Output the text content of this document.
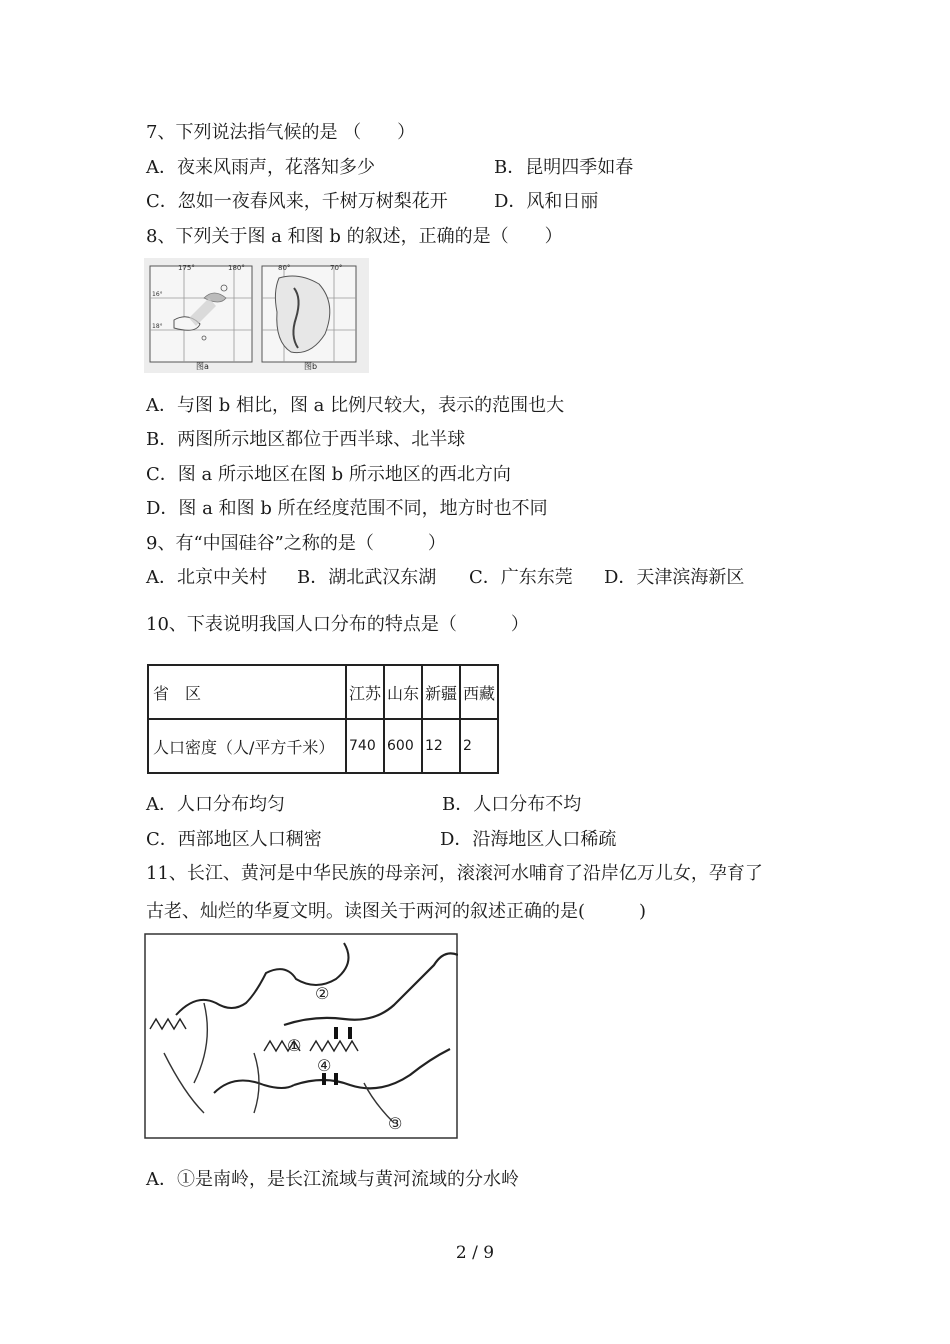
7、下列说法指气候的是 （　　）
A．夜来风雨声，花落知多少	B．昆明四季如春
C．忽如一夜春风来，千树万树梨花开	D．风和日丽
8、下列关于图 a 和图 b 的叙述，正确的是（　　）
175°	180°
16°
18°
图a
80°	70°
图b
A．与图 b 相比，图 a 比例尺较大，表示的范围也大
B．两图所示地区都位于西半球、北半球
C．图 a 所示地区在图 b 所示地区的西北方向
D．图 a 和图 b 所在经度范围不同，地方时也不同
9、有“中国硅谷”之称的是（　　　）
A．北京中关村 B．湖北武汉东湖 C．广东东莞 D．天津滨海新区
10、下表说明我国人口分布的特点是（　　　）
省　区	江苏	山东	新疆	西藏
人口密度（人/平方千米）	740	600	12	2
A．人口分布均匀	B．人口分布不均
C．西部地区人口稠密	D．沿海地区人口稀疏
11、长江、黄河是中华民族的母亲河，滚滚河水哺育了沿岸亿万儿女，孕育了
古老、灿烂的华夏文明。读图关于两河的叙述正确的是(　　　)
②
①
④
③
A．①是南岭，是长江流域与黄河流域的分水岭
2 / 9
